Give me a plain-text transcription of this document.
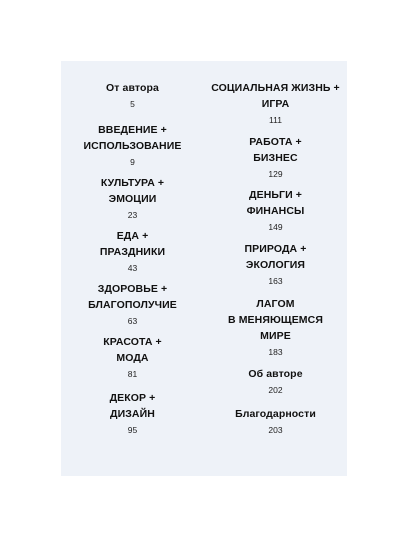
От автора
5
ВВЕДЕНИЕ +
ИСПОЛЬЗОВАНИЕ
9
КУЛЬТУРА +
ЭМОЦИИ
23
ЕДА +
ПРАЗДНИКИ
43
ЗДОРОВЬЕ +
БЛАГОПОЛУЧИЕ
63
КРАСОТА +
МОДА
81
ДЕКОР +
ДИЗАЙН
95
СОЦИАЛЬНАЯ ЖИЗНЬ +
ИГРА
111
РАБОТА +
БИЗНЕС
129
ДЕНЬГИ +
ФИНАНСЫ
149
ПРИРОДА +
ЭКОЛОГИЯ
163
ЛАГОМ
В МЕНЯЮЩЕМСЯ
МИРЕ
183
Об авторе
202
Благодарности
203
